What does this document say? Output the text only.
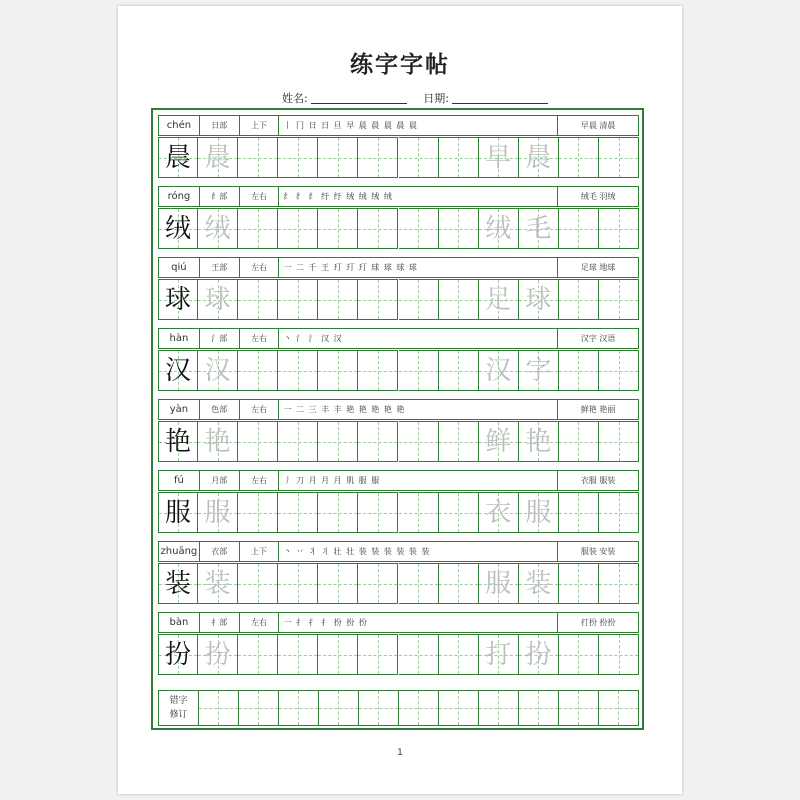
练字字帖
姓名:	日期:
chén	日部	上下	丨 冂 日 日 旦 早 晨 晨 晨 晨 晨	早晨 清晨
晨 晨	早 晨
róng	纟部	左右	纟 纟 纟 纡 纡 绒 绒 绒 绒	绒毛 羽绒
绒 绒	绒 毛
qiú	王部	左右	一 二 千 王 玎 玎 玎 球 球 球 球	足球 地球
球 球	足 球
hàn	氵部	左右	丶 氵 氵 汉 汉	汉字 汉语
汉 汉	汉 字
yàn	色部	左右	一 二 三 丰 丰 艳 艳 艳 艳 艳	鲜艳 艳丽
艳 艳	鲜 艳
fú	月部	左右	丿 刀 月 月 月 肌 服 服	衣服 服装
服 服	衣 服
zhuāng	衣部	上下	丶 丷 丬 丬 壮 壮 装 装 装 装 装 装	服装 安装
装 装	服 装
bàn	扌部	左右	一 扌 扌 扌 扮 扮 扮	打扮 扮扮
扮 扮	打 扮
错字
修订
1
